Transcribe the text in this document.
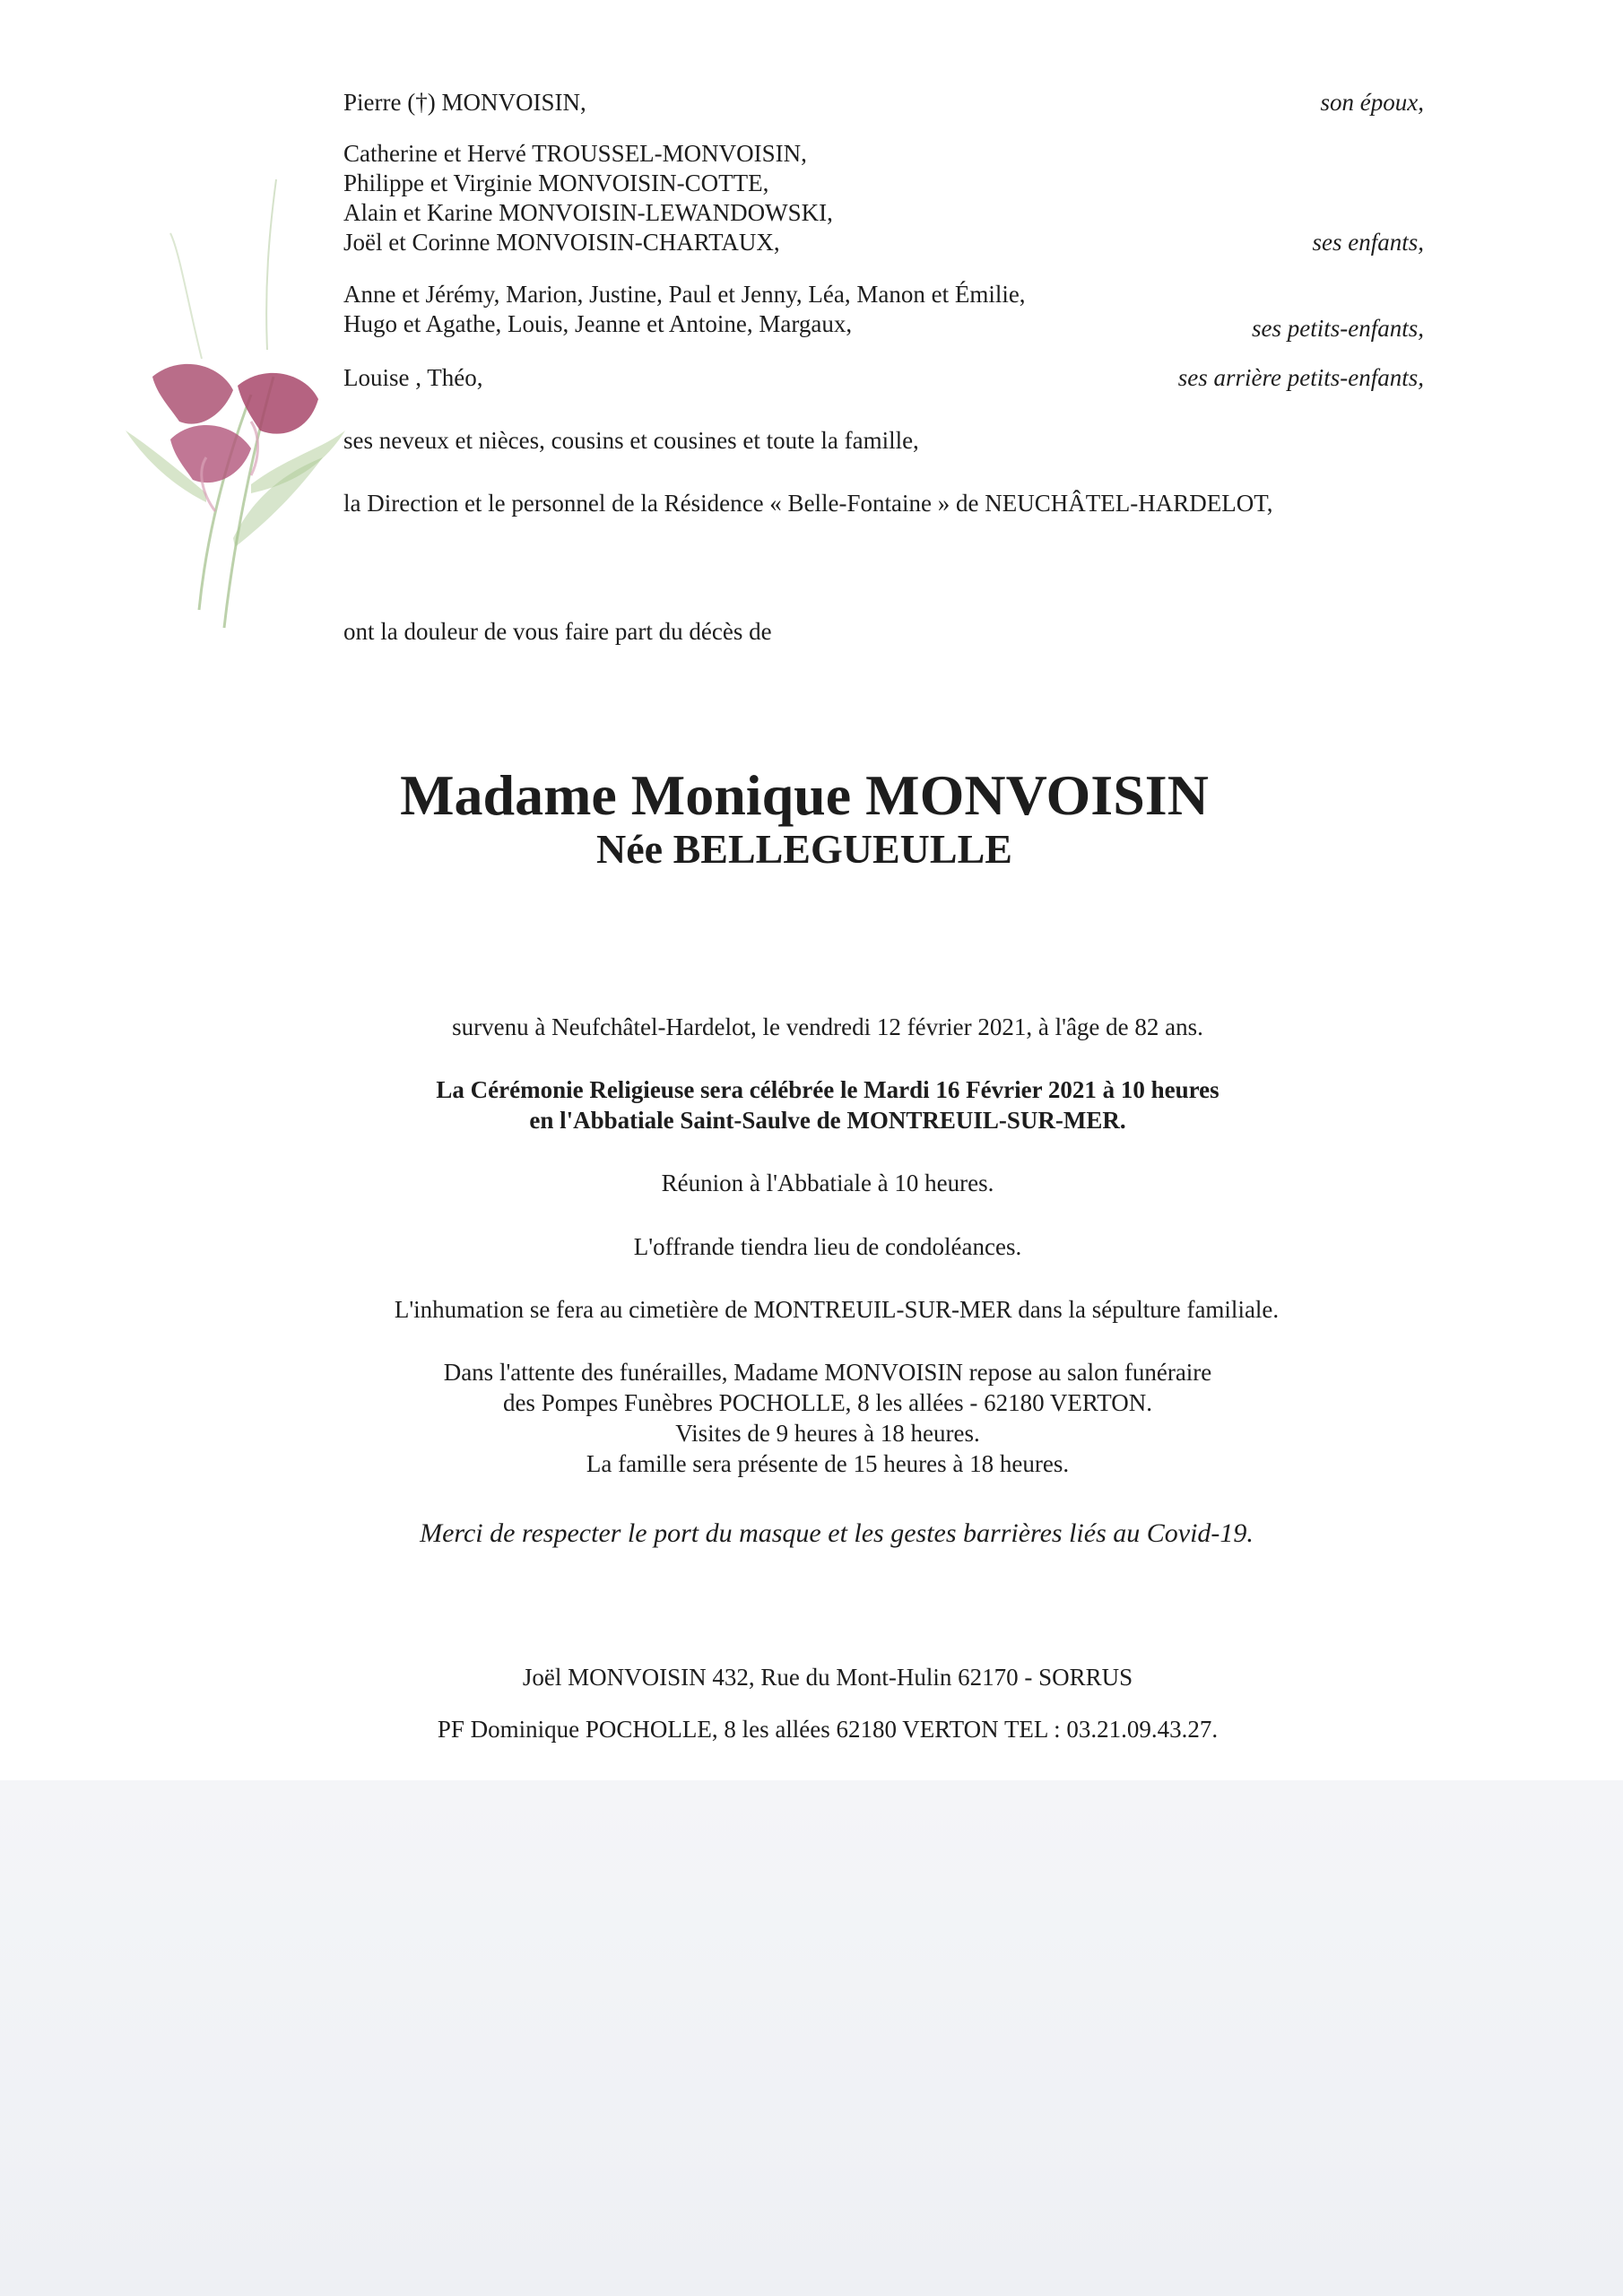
Pierre (†) MONVOISIN,	son époux,
Catherine et Hervé TROUSSEL-MONVOISIN,
Philippe et Virginie MONVOISIN-COTTE,
Alain et Karine MONVOISIN-LEWANDOWSKI,
Joël et Corinne MONVOISIN-CHARTAUX,	ses enfants,
Anne et Jérémy, Marion, Justine, Paul et Jenny, Léa, Manon et Émilie,
Hugo et Agathe, Louis, Jeanne et Antoine, Margaux,	ses petits-enfants,
Louise , Théo,	ses arrière petits-enfants,
ses neveux et nièces, cousins et cousines et toute la famille,
la Direction et le personnel de la Résidence « Belle-Fontaine » de NEUCHÂTEL-HARDELOT,
ont la douleur de vous faire part du décès de
Madame Monique MONVOISIN
Née BELLEGUEULLE
survenu à Neufchâtel-Hardelot, le vendredi 12 février 2021, à l'âge de 82 ans.
La Cérémonie Religieuse sera célébrée le Mardi 16 Février 2021 à 10 heures
en l'Abbatiale Saint-Saulve de MONTREUIL-SUR-MER.
Réunion à l'Abbatiale à 10 heures.
L'offrande tiendra lieu de condoléances.
L'inhumation se fera au cimetière de MONTREUIL-SUR-MER dans la sépulture familiale.
Dans l'attente des funérailles, Madame MONVOISIN repose au salon funéraire
des Pompes Funèbres POCHOLLE, 8 les allées - 62180 VERTON.
Visites de 9 heures à 18 heures.
La famille sera présente de 15 heures à 18 heures.
Merci de respecter le port du masque et les gestes barrières liés au Covid-19.
Joël MONVOISIN 432, Rue du Mont-Hulin 62170 - SORRUS
PF Dominique POCHOLLE, 8 les allées 62180 VERTON TEL : 03.21.09.43.27.
